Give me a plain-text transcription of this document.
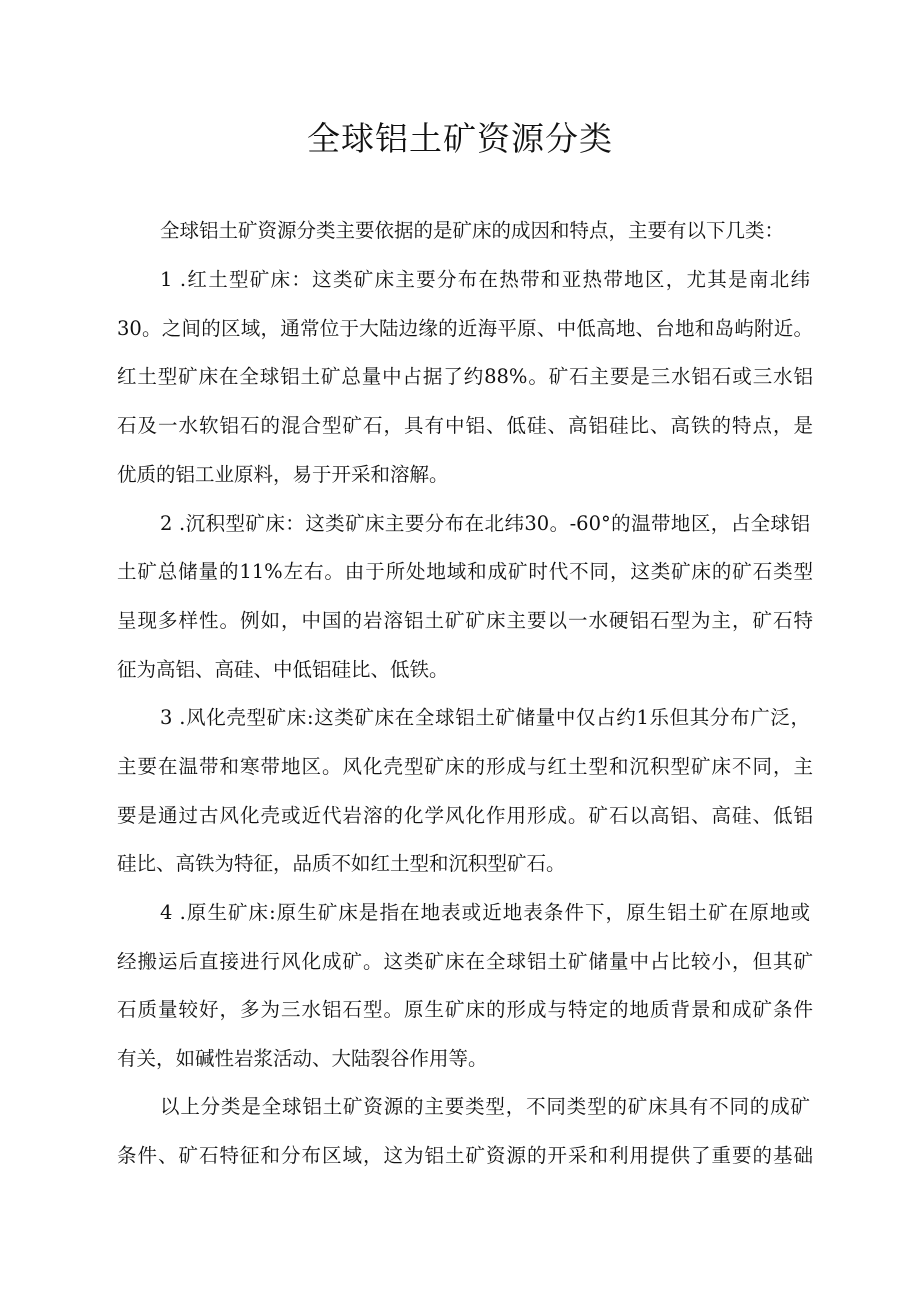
全球铝土矿资源分类
全球铝土矿资源分类主要依据的是矿床的成因和特点，主要有以下几类：
1 .红土型矿床：这类矿床主要分布在热带和亚热带地区，尤其是南北纬
30。之间的区域，通常位于大陆边缘的近海平原、中低高地、台地和岛屿附近。
红土型矿床在全球铝土矿总量中占据了约88%。矿石主要是三水铝石或三水铝
石及一水软铝石的混合型矿石，具有中铝、低硅、高铝硅比、高铁的特点，是
优质的铝工业原料，易于开采和溶解。
2 .沉积型矿床：这类矿床主要分布在北纬30。-60°的温带地区，占全球铝
土矿总储量的11%左右。由于所处地域和成矿时代不同，这类矿床的矿石类型
呈现多样性。例如，中国的岩溶铝土矿矿床主要以一水硬铝石型为主，矿石特
征为高铝、高硅、中低铝硅比、低铁。
3 .风化壳型矿床:这类矿床在全球铝土矿储量中仅占约1乐但其分布广泛，
主要在温带和寒带地区。风化壳型矿床的形成与红土型和沉积型矿床不同，主
要是通过古风化壳或近代岩溶的化学风化作用形成。矿石以高铝、高硅、低铝
硅比、高铁为特征，品质不如红土型和沉积型矿石。
4 .原生矿床:原生矿床是指在地表或近地表条件下，原生铝土矿在原地或
经搬运后直接进行风化成矿。这类矿床在全球铝土矿储量中占比较小，但其矿
石质量较好，多为三水铝石型。原生矿床的形成与特定的地质背景和成矿条件
有关，如碱性岩浆活动、大陆裂谷作用等。
以上分类是全球铝土矿资源的主要类型，不同类型的矿床具有不同的成矿
条件、矿石特征和分布区域，这为铝土矿资源的开采和利用提供了重要的基础
